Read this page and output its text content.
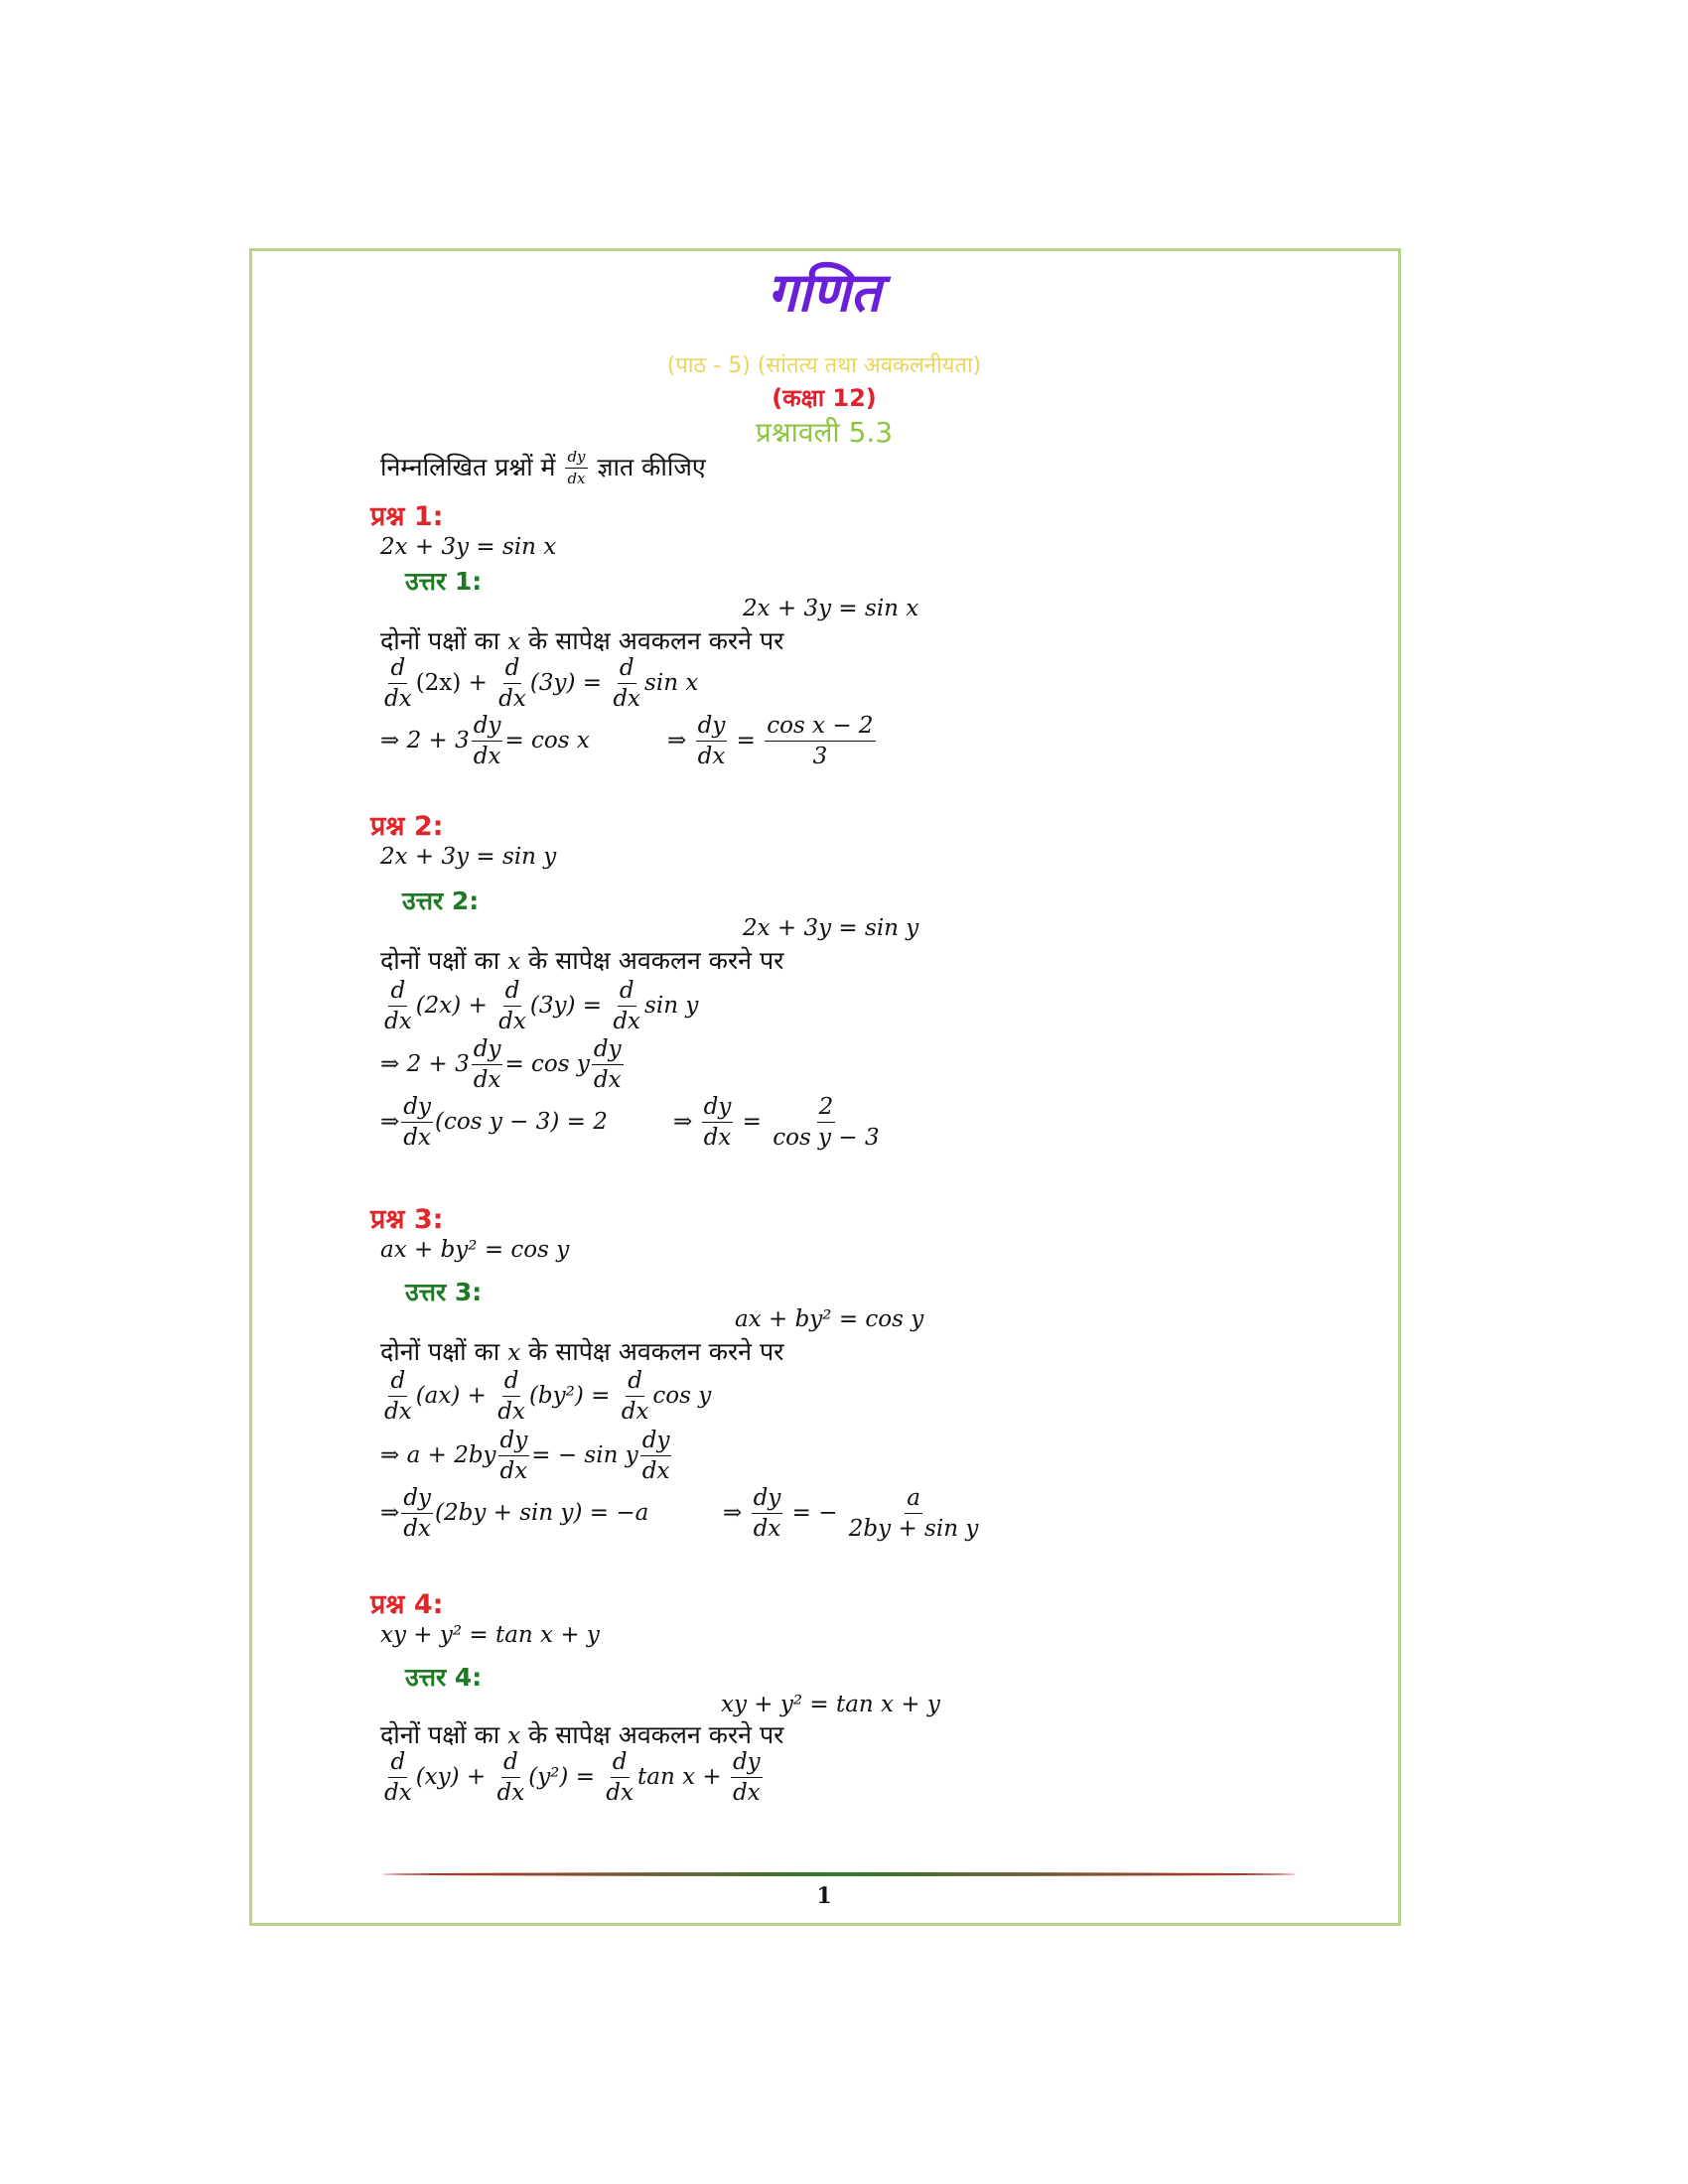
गणित
(पाठ - 5) (सांतत्य तथा अवकलनीयता)
(कक्षा 12)
प्रश्नावली 5.3
निम्नलिखित प्रश्नों में $\frac{dy}{dx}$ ज्ञात कीजिए
प्रश्न 1:
2x + 3y = sin x
उत्तर 1:
2x + 3y = sin x
दोनों पक्षों का x के सापेक्ष अवकलन करने पर
$\frac{d}{dx} (2x) + \frac{d}{dx} (3y) = \frac{d}{dx}$ sin x
⇒ $2 + 3 \frac{dy}{dx} = \cos x$	⇒ $\frac{dy}{dx} = \frac{\text{cos x − 2}}{3}$
प्रश्न 2:
2x + 3y = sin y
उत्तर 2:
2x + 3y = sin y
दोनों पक्षों का x के सापेक्ष अवकलन करने पर
$\frac{d}{dx} (2x) + \frac{d}{dx} (3y) = \frac{d}{dx}$ sin y
⇒ $2 + 3 \frac{dy}{dx} = \cos y \frac{dy}{dx}$
⇒ $\frac{dy}{dx} (\cos$ y − 3) = 2	⇒ $\frac{dy}{dx} = \frac{2}{\text{cos y − 3}}$
प्रश्न 3:
ax + by² = cos y
उत्तर 3:
ax + by² = cos y
दोनों पक्षों का x के सापेक्ष अवकलन करने पर
$\frac{d}{dx} (ax) + \frac{d}{dx} (by^2) = \frac{d}{dx}$ cos y
⇒ $a + 2by \frac{dy}{dx}$ = − sin y $\frac{dy}{dx}$
⇒ $\frac{dy}{dx} (2by + \sin y) = -a$	⇒ $\frac{dy}{dx}$ = − $\frac{a}{\text{2by + sin y}}$
प्रश्न 4:
xy + y² = tan x + y
उत्तर 4:
xy + y² = tan x + y
दोनों पक्षों का x के सापेक्ष अवकलन करने पर
$\frac{d}{dx} (xy) + \frac{d}{dx} (y^2) = \frac{d}{dx}$ $\tan x + \frac{dy}{dx}$
1
